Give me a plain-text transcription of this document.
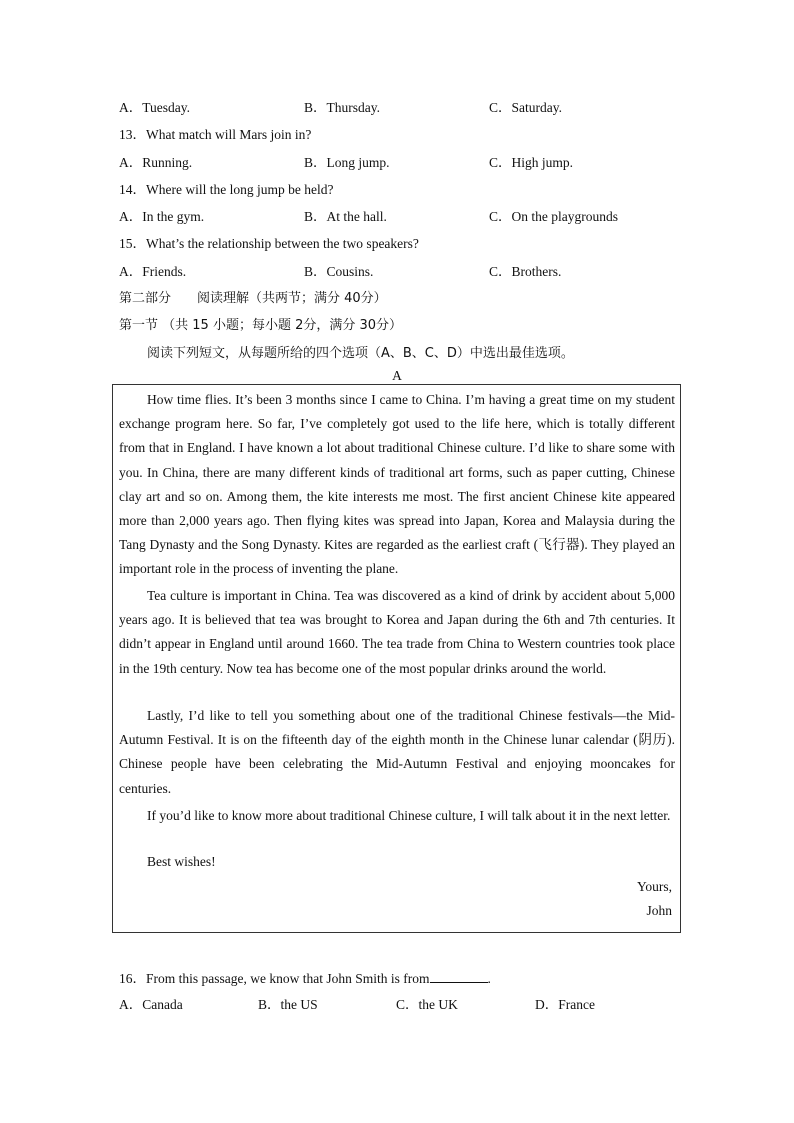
A．Tuesday.	B．Thursday.	C．Saturday.
13．What match will Mars join in?
A．Running.	B．Long jump.	C．High jump.
14．Where will the long jump be held?
A．In the gym.	B．At the hall.	C．On the playgrounds
15．What’s the relationship between the two speakers?
A．Friends.	B．Cousins.	C．Brothers.
第二部分　　阅读理解（共两节；满分 40分）
第一节 （共 15 小题；每小题 2分，满分 30分）
阅读下列短文，从每题所给的四个选项（A、B、C、D）中选出最佳选项。
A

How time flies. It’s been 3 months since I came to China. I’m having a great time on my student exchange program here. So far, I’ve completely got used to the life here, which is totally different from that in England. I have known a lot about traditional Chinese culture. I’d like to share some with you. In China, there are many different kinds of traditional art forms, such as paper cutting, Chinese clay art and so on. Among them, the kite interests me most. The first ancient Chinese kite appeared more than 2,000 years ago. Then flying kites was spread into Japan, Korea and Malaysia during the Tang Dynasty and the Song Dynasty. Kites are regarded as the earliest craft (飞行器). They played an important role in the process of inventing the plane.

Tea culture is important in China. Tea was discovered as a kind of drink by accident about 5,000 years ago. It is believed that tea was brought to Korea and Japan during the 6th and 7th centuries. It didn’t appear in England until around 1660. The tea trade from China to Western countries took place in the 19th century. Now tea has become one of the most popular drinks around the world.

Lastly, I’d like to tell you something about one of the traditional Chinese festivals—the Mid-Autumn Festival. It is on the fifteenth day of the eighth month in the Chinese lunar calendar (阴历). Chinese people have been celebrating the Mid-Autumn Festival and enjoying mooncakes for centuries.

If you’d like to know more about traditional Chinese culture, I will talk about it in the next letter.

Best wishes!
Yours,
John
16．From this passage, we know that John Smith is from	.
A．Canada	B．the US	C．the UK	D．France
